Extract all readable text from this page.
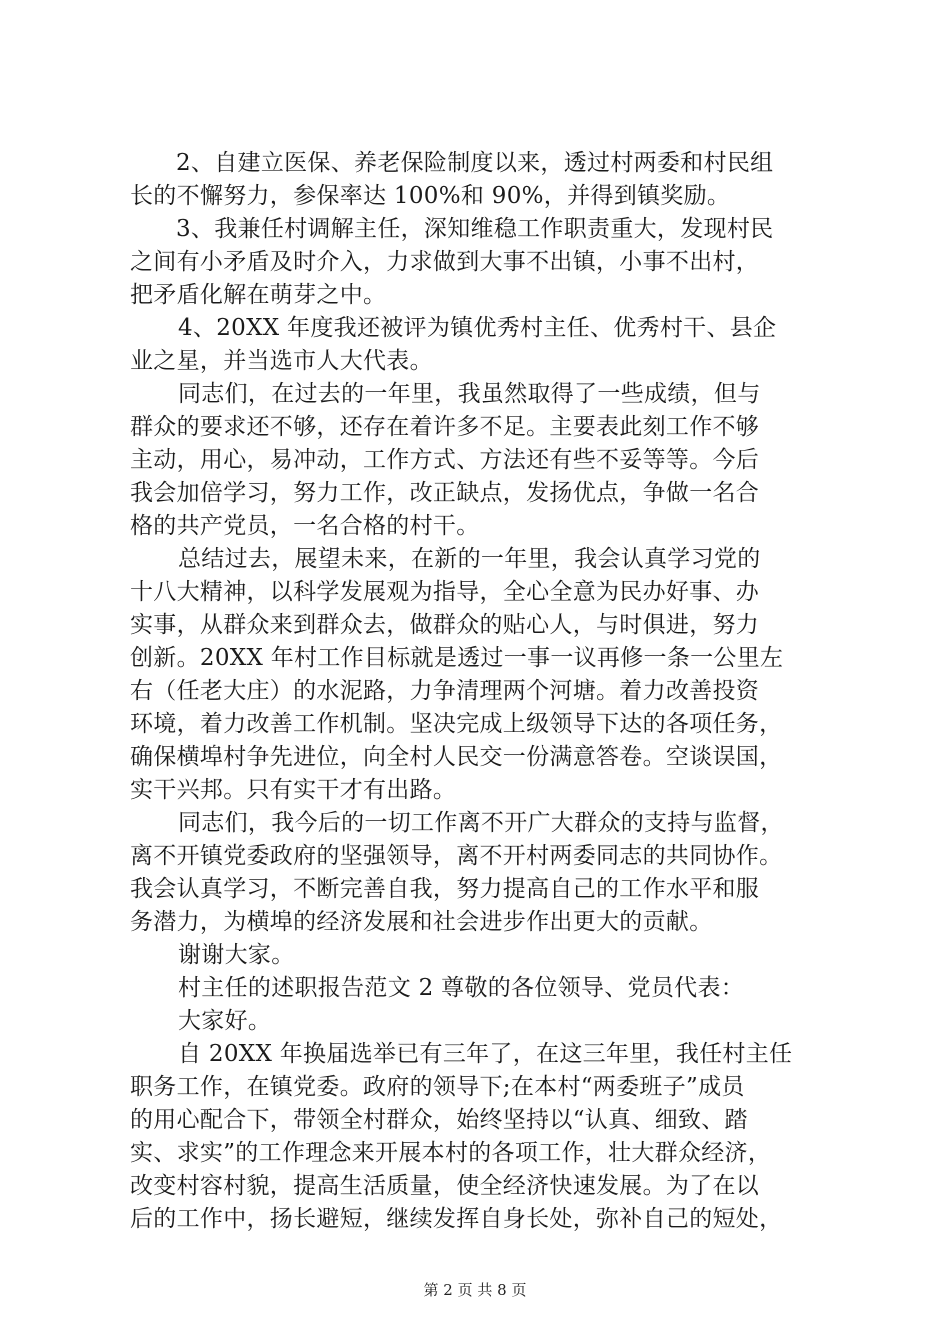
2、自建立医保、养老保险制度以来，透过村两委和村民组
长的不懈努力，参保率达 100%和 90%，并得到镇奖励。
3、我兼任村调解主任，深知维稳工作职责重大，发现村民
之间有小矛盾及时介入，力求做到大事不出镇，小事不出村，
把矛盾化解在萌芽之中。
4、20XX 年度我还被评为镇优秀村主任、优秀村干、县企
业之星，并当选市人大代表。
同志们，在过去的一年里，我虽然取得了一些成绩，但与
群众的要求还不够，还存在着许多不足。主要表此刻工作不够
主动，用心，易冲动，工作方式、方法还有些不妥等等。今后
我会加倍学习，努力工作，改正缺点，发扬优点，争做一名合
格的共产党员，一名合格的村干。
总结过去，展望未来，在新的一年里，我会认真学习党的
十八大精神，以科学发展观为指导，全心全意为民办好事、办
实事，从群众来到群众去，做群众的贴心人，与时俱进，努力
创新。20XX 年村工作目标就是透过一事一议再修一条一公里左
右（任老大庄）的水泥路，力争清理两个河塘。着力改善投资
环境，着力改善工作机制。坚决完成上级领导下达的各项任务，
确保横埠村争先进位，向全村人民交一份满意答卷。空谈误国，
实干兴邦。只有实干才有出路。
同志们，我今后的一切工作离不开广大群众的支持与监督，
离不开镇党委政府的坚强领导，离不开村两委同志的共同协作。
我会认真学习，不断完善自我，努力提高自己的工作水平和服
务潜力，为横埠的经济发展和社会进步作出更大的贡献。
谢谢大家。
村主任的述职报告范文 2 尊敬的各位领导、党员代表：
大家好。
自 20XX 年换届选举已有三年了，在这三年里，我任村主任
职务工作，在镇党委。政府的领导下;在本村“两委班子”成员
的用心配合下，带领全村群众，始终坚持以“认真、细致、踏
实、求实”的工作理念来开展本村的各项工作，壮大群众经济，
改变村容村貌，提高生活质量，使全经济快速发展。为了在以
后的工作中，扬长避短，继续发挥自身长处，弥补自己的短处，
第 2 页 共 8 页
